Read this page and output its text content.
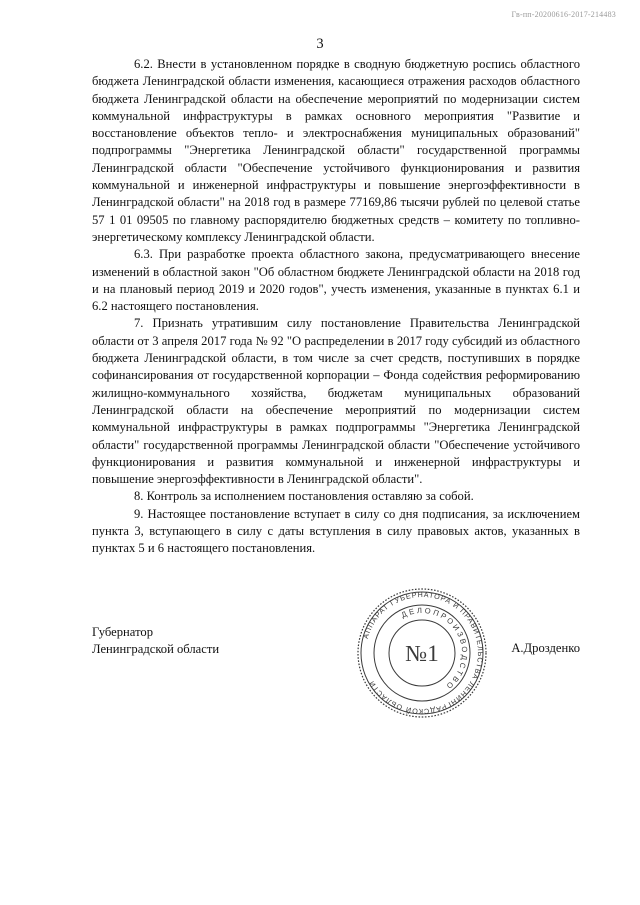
Гв-пп-20200616-2017-214483
3

6.2. Внести в установленном порядке в сводную бюджетную роспись областного бюджета Ленинградской области изменения, касающиеся отражения расходов областного бюджета Ленинградской области на обеспечение мероприятий по модернизации систем коммунальной инфраструктуры в рамках основного мероприятия "Развитие и восстановление объектов тепло- и электроснабжения муниципальных образований" подпрограммы "Энергетика Ленинградской области" государственной программы Ленинградской области "Обеспечение устойчивого функционирования и развития коммунальной и инженерной инфраструктуры и повышение энергоэффективности в Ленинградской области" на 2018 год в размере 77169,86 тысячи рублей по целевой статье 57 1 01 09505 по главному распорядителю бюджетных средств – комитету по топливно-энергетическому комплексу Ленинградской области.

6.3. При разработке проекта областного закона, предусматривающего внесение изменений в областной закон "Об областном бюджете Ленинградской области на 2018 год и на плановый период 2019 и 2020 годов", учесть изменения, указанные в пунктах 6.1 и 6.2 настоящего постановления.

7. Признать утратившим силу постановление Правительства Ленинградской области от 3 апреля 2017 года № 92 "О распределении в 2017 году субсидий из областного бюджета Ленинградской области, в том числе за счет средств, поступивших в порядке софинансирования от государственной корпорации – Фонда содействия реформированию жилищно-коммунального хозяйства, бюджетам муниципальных образований Ленинградской области на обеспечение мероприятий по модернизации систем коммунальной инфраструктуры в рамках подпрограммы "Энергетика Ленинградской области" государственной программы Ленинградской области "Обеспечение устойчивого функционирования и развития коммунальной и инженерной инфраструктуры и повышение энергоэффективности в Ленинградской области".

8. Контроль за исполнением постановления оставляю за собой.

9. Настоящее постановление вступает в силу со дня подписания, за исключением пункта 3, вступающего в силу с даты вступления в силу правовых актов, указанных в пунктах 5 и 6 настоящего постановления.

Губернатор
Ленинградской области	А.Дрозденко
АППАРАТ ГУБЕРНАТОРА И ПРАВИТЕЛЬСТВА ЛЕНИНГРАДСКОЙ ОБЛАСТИ
ДЕЛОПРОИЗВОДСТВО
№1
